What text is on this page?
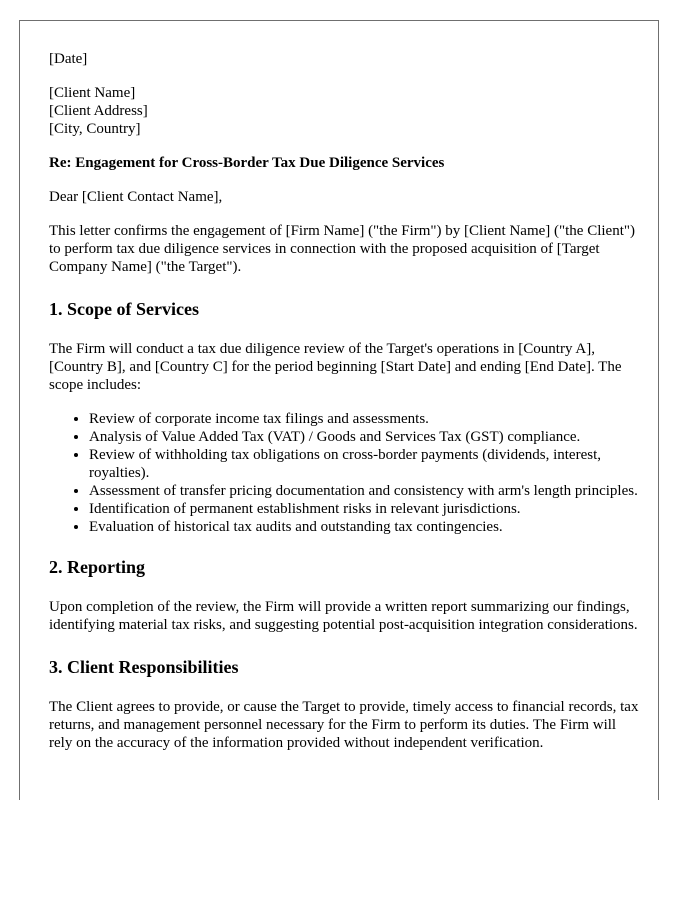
[Date]

[Client Name]
[Client Address]
[City, Country]

Re: Engagement for Cross-Border Tax Due Diligence Services

Dear [Client Contact Name],

This letter confirms the engagement of [Firm Name] ("the Firm") by [Client Name] ("the Client") to perform tax due diligence services in connection with the proposed acquisition of [Target Company Name] ("the Target").

1. Scope of Services

The Firm will conduct a tax due diligence review of the Target's operations in [Country A], [Country B], and [Country C] for the period beginning [Start Date] and ending [End Date]. The scope includes:

• Review of corporate income tax filings and assessments.
• Analysis of Value Added Tax (VAT) / Goods and Services Tax (GST) compliance.
• Review of withholding tax obligations on cross-border payments (dividends, interest, royalties).
• Assessment of transfer pricing documentation and consistency with arm's length principles.
• Identification of permanent establishment risks in relevant jurisdictions.
• Evaluation of historical tax audits and outstanding tax contingencies.
2. Reporting

Upon completion of the review, the Firm will provide a written report summarizing our findings, identifying material tax risks, and suggesting potential post-acquisition integration considerations.

3. Client Responsibilities

The Client agrees to provide, or cause the Target to provide, timely access to financial records, tax returns, and management personnel necessary for the Firm to perform its duties. The Firm will rely on the accuracy of the information provided without independent verification.
